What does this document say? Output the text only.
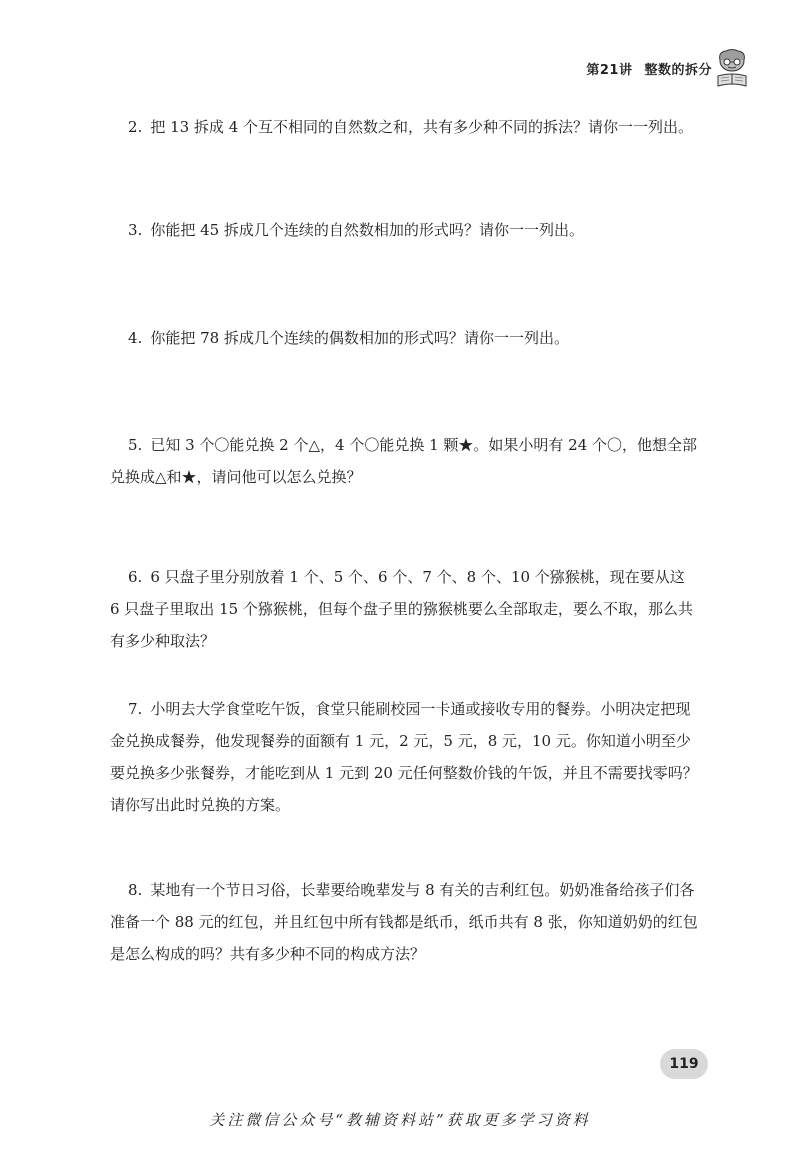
第21讲 整数的拆分
2. 把 13 拆成 4 个互不相同的自然数之和，共有多少种不同的拆法？请你一一列出。
3. 你能把 45 拆成几个连续的自然数相加的形式吗？请你一一列出。
4. 你能把 78 拆成几个连续的偶数相加的形式吗？请你一一列出。
5. 已知 3 个〇能兑换 2 个△，4 个〇能兑换 1 颗★。如果小明有 24 个〇，他想全部兑换成△和★，请问他可以怎么兑换？
6. 6 只盘子里分别放着 1 个、5 个、6 个、7 个、8 个、10 个猕猴桃，现在要从这 6 只盘子里取出 15 个猕猴桃，但每个盘子里的猕猴桃要么全部取走，要么不取，那么共有多少种取法？
7. 小明去大学食堂吃午饭，食堂只能刷校园一卡通或接收专用的餐券。小明决定把现金兑换成餐券，他发现餐券的面额有 1 元，2 元，5 元，8 元，10 元。你知道小明至少要兑换多少张餐券，才能吃到从 1 元到 20 元任何整数价钱的午饭，并且不需要找零吗？请你写出此时兑换的方案。
8. 某地有一个节日习俗，长辈要给晚辈发与 8 有关的吉利红包。奶奶准备给孩子们各准备一个 88 元的红包，并且红包中所有钱都是纸币，纸币共有 8 张，你知道奶奶的红包是怎么构成的吗？共有多少种不同的构成方法？
119
关注微信公众号“教辅资料站”获取更多学习资料
